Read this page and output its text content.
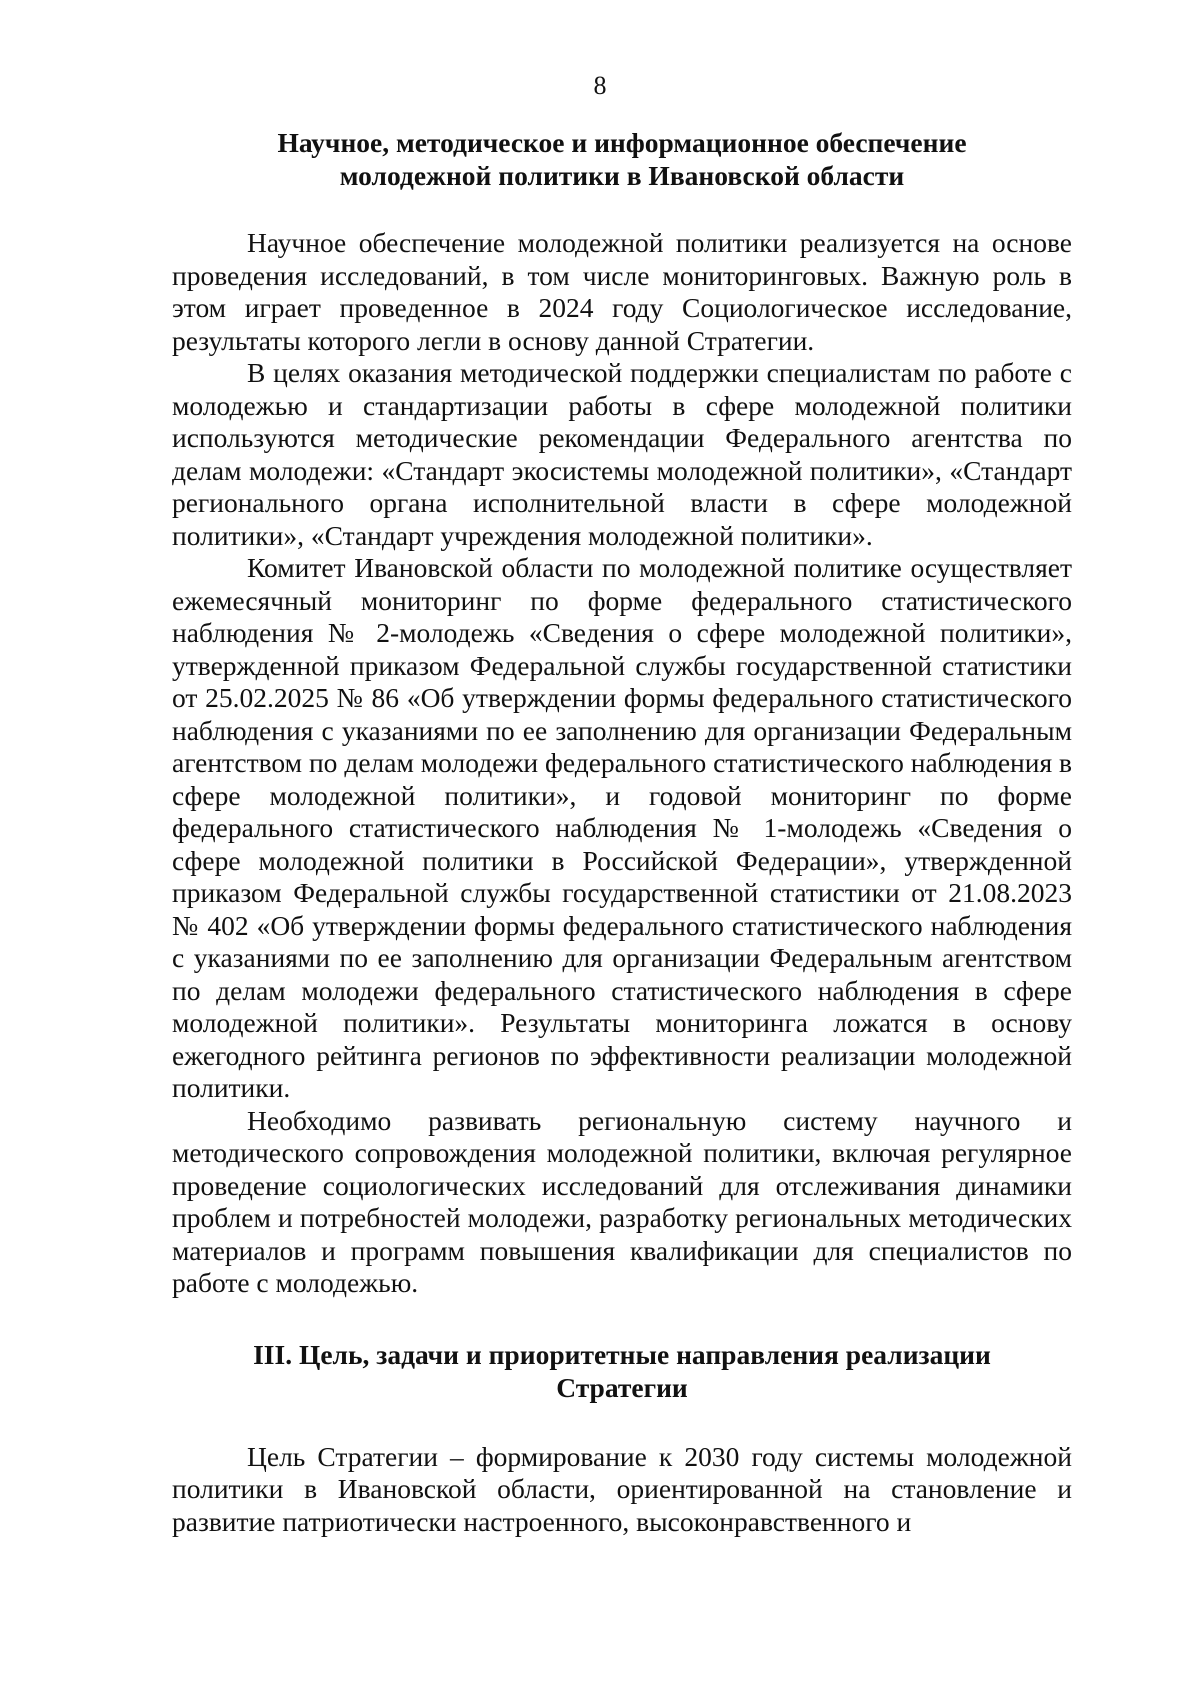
8
Научное, методическое и информационное обеспечение
молодежной политики в Ивановской области

Научное обеспечение молодежной политики реализуется на основе проведения исследований, в том числе мониторинговых. Важную роль в этом играет проведенное в 2024 году Социологическое исследование, результаты которого легли в основу данной Стратегии.

В целях оказания методической поддержки специалистам по работе с молодежью и стандартизации работы в сфере молодежной политики используются методические рекомендации Федерального агентства по делам молодежи: «Стандарт экосистемы молодежной политики», «Стандарт регионального органа исполнительной власти в сфере молодежной политики», «Стандарт учреждения молодежной политики».

Комитет Ивановской области по молодежной политике осуществляет ежемесячный мониторинг по форме федерального статистического наблюдения № 2-молодежь «Сведения о сфере молодежной политики», утвержденной приказом Федеральной службы государственной статистики от 25.02.2025 № 86 «Об утверждении формы федерального статистического наблюдения с указаниями по ее заполнению для организации Федеральным агентством по делам молодежи федерального статистического наблюдения в сфере молодежной политики», и годовой мониторинг по форме федерального статистического наблюдения № 1-молодежь «Сведения о сфере молодежной политики в Российской Федерации», утвержденной приказом Федеральной службы государственной статистики от 21.08.2023 № 402 «Об утверждении формы федерального статистического наблюдения с указаниями по ее заполнению для организации Федеральным агентством по делам молодежи федерального статистического наблюдения в сфере молодежной политики». Результаты мониторинга ложатся в основу ежегодного рейтинга регионов по эффективности реализации молодежной политики.

Необходимо развивать региональную систему научного и методического сопровождения молодежной политики, включая регулярное проведение социологических исследований для отслеживания динамики проблем и потребностей молодежи, разработку региональных методических материалов и программ повышения квалификации для специалистов по работе с молодежью.

III. Цель, задачи и приоритетные направления реализации
Стратегии

Цель Стратегии – формирование к 2030 году системы молодежной политики в Ивановской области, ориентированной на становление и развитие патриотически настроенного, высоконравственного и
